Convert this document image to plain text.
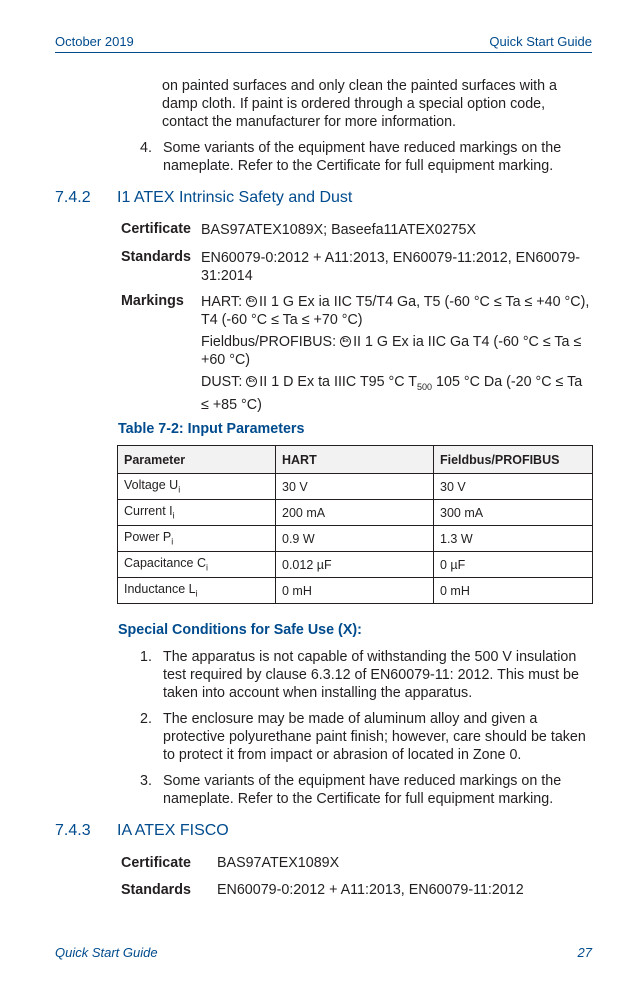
October 2019	Quick Start Guide
on painted surfaces and only clean the painted surfaces with a damp cloth. If paint is ordered through a special option code, contact the manufacturer for more information.
4. Some variants of the equipment have reduced markings on the nameplate. Refer to the Certificate for full equipment marking.
7.4.2 I1 ATEX Intrinsic Safety and Dust
Certificate BAS97ATEX1089X; Baseefa11ATEX0275X
Standards EN60079-0:2012 + A11:2013, EN60079-11:2012, EN60079-31:2014
Markings HART: Ex II 1 G Ex ia IIC T5/T4 Ga, T5 (-60 °C ≤ Ta ≤ +40 °C), T4 (-60 °C ≤ Ta ≤ +70 °C)
Fieldbus/PROFIBUS: Ex II 1 G Ex ia IIC Ga T4 (-60 °C ≤ Ta ≤ +60 °C)
DUST: Ex II 1 D Ex ta IIIC T95 °C $T_{500}$ 105 °C Da (-20 °C ≤ Ta ≤ +85 °C)
Table 7-2: Input Parameters
Parameter	HART	Fieldbus/PROFIBUS
Voltage $U_i$	30 V	30 V
Current $I_i$	200 mA	300 mA
Power $P_i$	0.9 W	1.3 W
Capacitance $C_i$	0.012 µF	0 µF
Inductance $L_i$	0 mH	0 mH
Special Conditions for Safe Use (X):
1. The apparatus is not capable of withstanding the 500 V insulation test required by clause 6.3.12 of EN60079-11: 2012. This must be taken into account when installing the apparatus.
2. The enclosure may be made of aluminum alloy and given a protective polyurethane paint finish; however, care should be taken to protect it from impact or abrasion of located in Zone 0.
3. Some variants of the equipment have reduced markings on the nameplate. Refer to the Certificate for full equipment marking.
7.4.3 IA ATEX FISCO
Certificate BAS97ATEX1089X
Standards EN60079-0:2012 + A11:2013, EN60079-11:2012
Quick Start Guide	27
